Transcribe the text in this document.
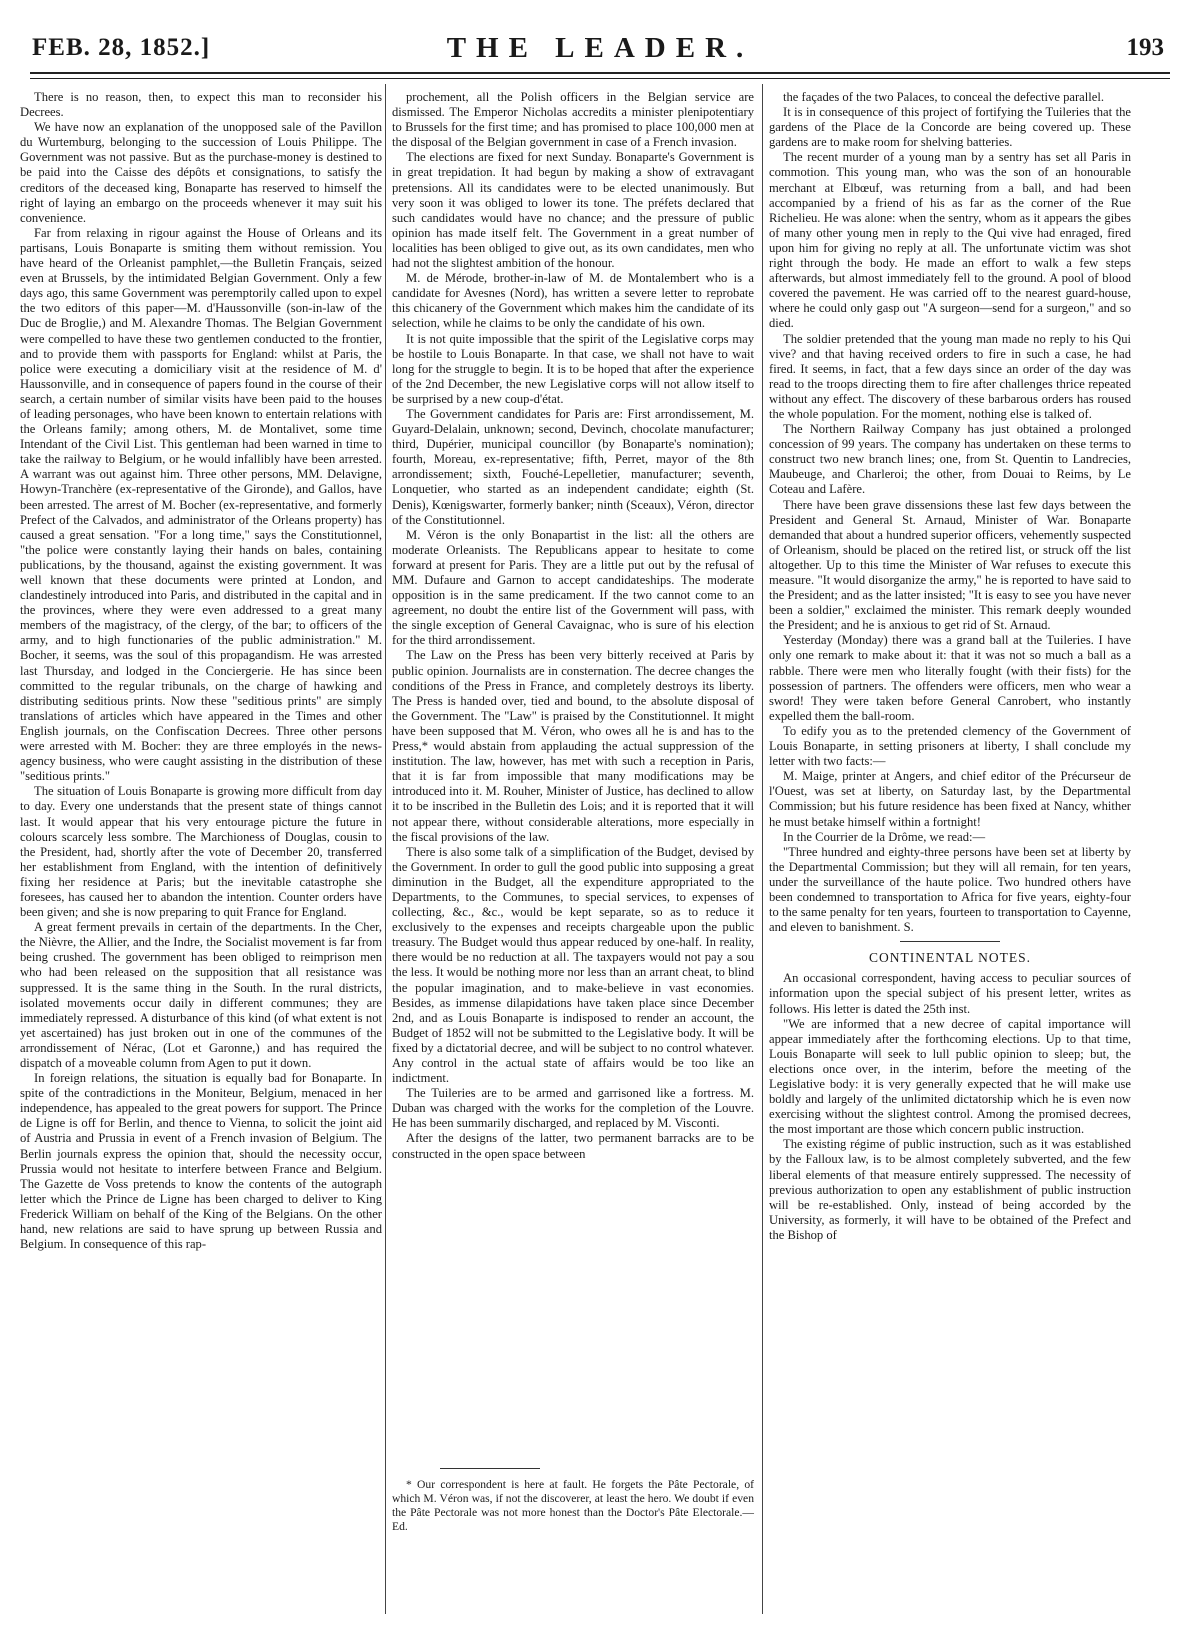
FEB. 28, 1852.]	THE LEADER.	193

There is no reason, then, to expect this man to reconsider his Decrees.

We have now an explanation of the unopposed sale of the Pavillon du Wurtemburg, belonging to the succession of Louis Philippe. The Government was not passive. But as the purchase-money is destined to be paid into the Caisse des dépôts et consignations, to satisfy the creditors of the deceased king, Bonaparte has reserved to himself the right of laying an embargo on the proceeds whenever it may suit his convenience.

Far from relaxing in rigour against the House of Orleans and its partisans, Louis Bonaparte is smiting them without remission. You have heard of the Orleanist pamphlet,—the Bulletin Français, seized even at Brussels, by the intimidated Belgian Government. Only a few days ago, this same Government was peremptorily called upon to expel the two editors of this paper—M. d'Haussonville (son-in-law of the Duc de Broglie,) and M. Alexandre Thomas. The Belgian Government were compelled to have these two gentlemen conducted to the frontier, and to provide them with passports for England: whilst at Paris, the police were executing a domiciliary visit at the residence of M. d' Haussonville, and in consequence of papers found in the course of their search, a certain number of similar visits have been paid to the houses of leading personages, who have been known to entertain relations with the Orleans family; among others, M. de Montalivet, some time Intendant of the Civil List. This gentleman had been warned in time to take the railway to Belgium, or he would infallibly have been arrested. A warrant was out against him. Three other persons, MM. Delavigne, Howyn-Tranchère (ex-representative of the Gironde), and Gallos, have been arrested. The arrest of M. Bocher (ex-representative, and formerly Prefect of the Calvados, and administrator of the Orleans property) has caused a great sensation. "For a long time," says the Constitutionnel, "the police were constantly laying their hands on bales, containing publications, by the thousand, against the existing government. It was well known that these documents were printed at London, and clandestinely introduced into Paris, and distributed in the capital and in the provinces, where they were even addressed to a great many members of the magistracy, of the clergy, of the bar; to officers of the army, and to high functionaries of the public administration." M. Bocher, it seems, was the soul of this propagandism. He was arrested last Thursday, and lodged in the Conciergerie. He has since been committed to the regular tribunals, on the charge of hawking and distributing seditious prints. Now these "seditious prints" are simply translations of articles which have appeared in the Times and other English journals, on the Confiscation Decrees. Three other persons were arrested with M. Bocher: they are three employés in the news-agency business, who were caught assisting in the distribution of these "seditious prints."

The situation of Louis Bonaparte is growing more difficult from day to day. Every one understands that the present state of things cannot last. It would appear that his very entourage picture the future in colours scarcely less sombre. The Marchioness of Douglas, cousin to the President, had, shortly after the vote of December 20, transferred her establishment from England, with the intention of definitively fixing her residence at Paris; but the inevitable catastrophe she foresees, has caused her to abandon the intention. Counter orders have been given; and she is now preparing to quit France for England.

A great ferment prevails in certain of the departments. In the Cher, the Nièvre, the Allier, and the Indre, the Socialist movement is far from being crushed. The government has been obliged to reimprison men who had been released on the supposition that all resistance was suppressed. It is the same thing in the South. In the rural districts, isolated movements occur daily in different communes; they are immediately repressed. A disturbance of this kind (of what extent is not yet ascertained) has just broken out in one of the communes of the arrondissement of Nérac, (Lot et Garonne,) and has required the dispatch of a moveable column from Agen to put it down.

In foreign relations, the situation is equally bad for Bonaparte. In spite of the contradictions in the Moniteur, Belgium, menaced in her independence, has appealed to the great powers for support. The Prince de Ligne is off for Berlin, and thence to Vienna, to solicit the joint aid of Austria and Prussia in event of a French invasion of Belgium. The Berlin journals express the opinion that, should the necessity occur, Prussia would not hesitate to interfere between France and Belgium. The Gazette de Voss pretends to know the contents of the autograph letter which the Prince de Ligne has been charged to deliver to King Frederick William on behalf of the King of the Belgians. On the other hand, new relations are said to have sprung up between Russia and Belgium. In consequence of this rap-

prochement, all the Polish officers in the Belgian service are dismissed. The Emperor Nicholas accredits a minister plenipotentiary to Brussels for the first time; and has promised to place 100,000 men at the disposal of the Belgian government in case of a French invasion.

The elections are fixed for next Sunday. Bonaparte's Government is in great trepidation. It had begun by making a show of extravagant pretensions. All its candidates were to be elected unanimously. But very soon it was obliged to lower its tone. The préfets declared that such candidates would have no chance; and the pressure of public opinion has made itself felt. The Government in a great number of localities has been obliged to give out, as its own candidates, men who had not the slightest ambition of the honour.

M. de Mérode, brother-in-law of M. de Montalembert who is a candidate for Avesnes (Nord), has written a severe letter to reprobate this chicanery of the Government which makes him the candidate of its selection, while he claims to be only the candidate of his own.

It is not quite impossible that the spirit of the Legislative corps may be hostile to Louis Bonaparte. In that case, we shall not have to wait long for the struggle to begin. It is to be hoped that after the experience of the 2nd December, the new Legislative corps will not allow itself to be surprised by a new coup-d'état.

The Government candidates for Paris are: First arrondissement, M. Guyard-Delalain, unknown; second, Devinch, chocolate manufacturer; third, Dupérier, municipal councillor (by Bonaparte's nomination); fourth, Moreau, ex-representative; fifth, Perret, mayor of the 8th arrondissement; sixth, Fouché-Lepelletier, manufacturer; seventh, Lonquetier, who started as an independent candidate; eighth (St. Denis), Kœnigswarter, formerly banker; ninth (Sceaux), Véron, director of the Constitutionnel.

M. Véron is the only Bonapartist in the list: all the others are moderate Orleanists. The Republicans appear to hesitate to come forward at present for Paris. They are a little put out by the refusal of MM. Dufaure and Garnon to accept candidateships. The moderate opposition is in the same predicament. If the two cannot come to an agreement, no doubt the entire list of the Government will pass, with the single exception of General Cavaignac, who is sure of his election for the third arrondissement.

The Law on the Press has been very bitterly received at Paris by public opinion. Journalists are in consternation. The decree changes the conditions of the Press in France, and completely destroys its liberty. The Press is handed over, tied and bound, to the absolute disposal of the Government. The "Law" is praised by the Constitutionnel. It might have been supposed that M. Véron, who owes all he is and has to the Press,* would abstain from applauding the actual suppression of the institution. The law, however, has met with such a reception in Paris, that it is far from impossible that many modifications may be introduced into it. M. Rouher, Minister of Justice, has declined to allow it to be inscribed in the Bulletin des Lois; and it is reported that it will not appear there, without considerable alterations, more especially in the fiscal provisions of the law.

There is also some talk of a simplification of the Budget, devised by the Government. In order to gull the good public into supposing a great diminution in the Budget, all the expenditure appropriated to the Departments, to the Communes, to special services, to expenses of collecting, &c., &c., would be kept separate, so as to reduce it exclusively to the expenses and receipts chargeable upon the public treasury. The Budget would thus appear reduced by one-half. In reality, there would be no reduction at all. The taxpayers would not pay a sou the less. It would be nothing more nor less than an arrant cheat, to blind the popular imagination, and to make-believe in vast economies. Besides, as immense dilapidations have taken place since December 2nd, and as Louis Bonaparte is indisposed to render an account, the Budget of 1852 will not be submitted to the Legislative body. It will be fixed by a dictatorial decree, and will be subject to no control whatever. Any control in the actual state of affairs would be too like an indictment.

The Tuileries are to be armed and garrisoned like a fortress. M. Duban was charged with the works for the completion of the Louvre. He has been summarily discharged, and replaced by M. Visconti.

After the designs of the latter, two permanent barracks are to be constructed in the open space between

* Our correspondent is here at fault. He forgets the Pâte Pectorale, of which M. Véron was, if not the discoverer, at least the hero. We doubt if even the Pâte Pectorale was not more honest than the Doctor's Pâte Electorale.—Ed.

the façades of the two Palaces, to conceal the defective parallel.

It is in consequence of this project of fortifying the Tuileries that the gardens of the Place de la Concorde are being covered up. These gardens are to make room for shelving batteries.

The recent murder of a young man by a sentry has set all Paris in commotion. This young man, who was the son of an honourable merchant at Elbœuf, was returning from a ball, and had been accompanied by a friend of his as far as the corner of the Rue Richelieu. He was alone: when the sentry, whom as it appears the gibes of many other young men in reply to the Qui vive had enraged, fired upon him for giving no reply at all. The unfortunate victim was shot right through the body. He made an effort to walk a few steps afterwards, but almost immediately fell to the ground. A pool of blood covered the pavement. He was carried off to the nearest guard-house, where he could only gasp out "A surgeon—send for a surgeon," and so died.

The soldier pretended that the young man made no reply to his Qui vive? and that having received orders to fire in such a case, he had fired. It seems, in fact, that a few days since an order of the day was read to the troops directing them to fire after challenges thrice repeated without any effect. The discovery of these barbarous orders has roused the whole population. For the moment, nothing else is talked of.

The Northern Railway Company has just obtained a prolonged concession of 99 years. The company has undertaken on these terms to construct two new branch lines; one, from St. Quentin to Landrecies, Maubeuge, and Charleroi; the other, from Douai to Reims, by Le Coteau and Lafère.

There have been grave dissensions these last few days between the President and General St. Arnaud, Minister of War. Bonaparte demanded that about a hundred superior officers, vehemently suspected of Orleanism, should be placed on the retired list, or struck off the list altogether. Up to this time the Minister of War refuses to execute this measure. "It would disorganize the army," he is reported to have said to the President; and as the latter insisted; "It is easy to see you have never been a soldier," exclaimed the minister. This remark deeply wounded the President; and he is anxious to get rid of St. Arnaud.

Yesterday (Monday) there was a grand ball at the Tuileries. I have only one remark to make about it: that it was not so much a ball as a rabble. There were men who literally fought (with their fists) for the possession of partners. The offenders were officers, men who wear a sword! They were taken before General Canrobert, who instantly expelled them the ball-room.

To edify you as to the pretended clemency of the Government of Louis Bonaparte, in setting prisoners at liberty, I shall conclude my letter with two facts:—

M. Maige, printer at Angers, and chief editor of the Précurseur de l'Ouest, was set at liberty, on Saturday last, by the Departmental Commission; but his future residence has been fixed at Nancy, whither he must betake himself within a fortnight!

In the Courrier de la Drôme, we read:—

"Three hundred and eighty-three persons have been set at liberty by the Departmental Commission; but they will all remain, for ten years, under the surveillance of the haute police. Two hundred others have been condemned to transportation to Africa for five years, eighty-four to the same penalty for ten years, fourteen to transportation to Cayenne, and eleven to banishment. S.

CONTINENTAL NOTES.

An occasional correspondent, having access to peculiar sources of information upon the special subject of his present letter, writes as follows. His letter is dated the 25th inst.

"We are informed that a new decree of capital importance will appear immediately after the forthcoming elections. Up to that time, Louis Bonaparte will seek to lull public opinion to sleep; but, the elections once over, in the interim, before the meeting of the Legislative body: it is very generally expected that he will make use boldly and largely of the unlimited dictatorship which he is even now exercising without the slightest control. Among the promised decrees, the most important are those which concern public instruction.

The existing régime of public instruction, such as it was established by the Falloux law, is to be almost completely subverted, and the few liberal elements of that measure entirely suppressed. The necessity of previous authorization to open any establishment of public instruction will be re-established. Only, instead of being accorded by the University, as formerly, it will have to be obtained of the Prefect and the Bishop of
